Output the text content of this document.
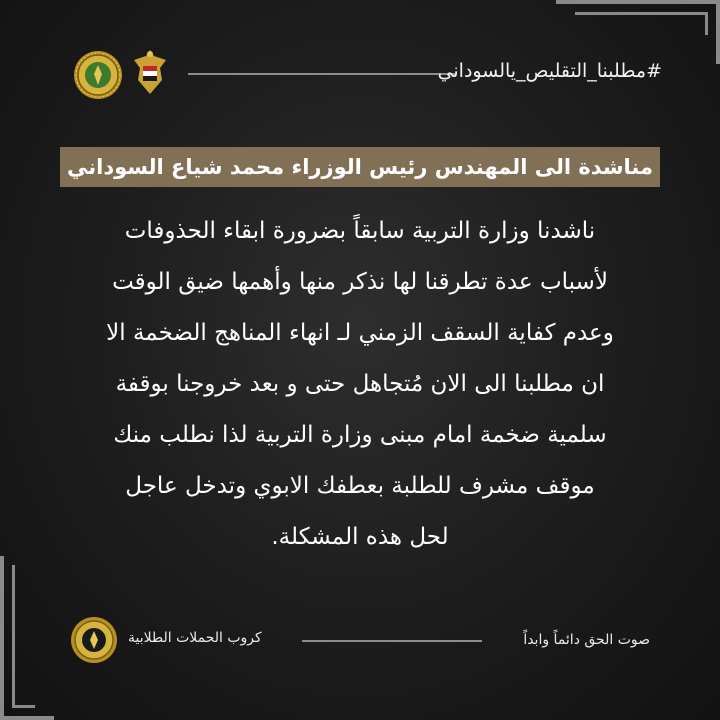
#مطلبنا_التقليص_يالسوداني
مناشدة الى المهندس رئيس الوزراء محمد شياع السوداني
ناشدنا وزارة التربية سابقاً بضرورة ابقاء الحذوفات
لأسباب عدة تطرقنا لها نذكر منها وأهمها ضيق الوقت
وعدم كفاية السقف الزمني لـ انهاء المناهج الضخمة الا
ان مطلبنا الى الان مُتجاهل حتى و بعد خروجنا بوقفة
سلمية ضخمة امام مبنى وزارة التربية لذا نطلب منك
موقف مشرف للطلبة بعطفك الابوي وتدخل عاجل
لحل هذه المشكلة.
كروب الحملات الطلابية	صوت الحق دائماً وابداً
